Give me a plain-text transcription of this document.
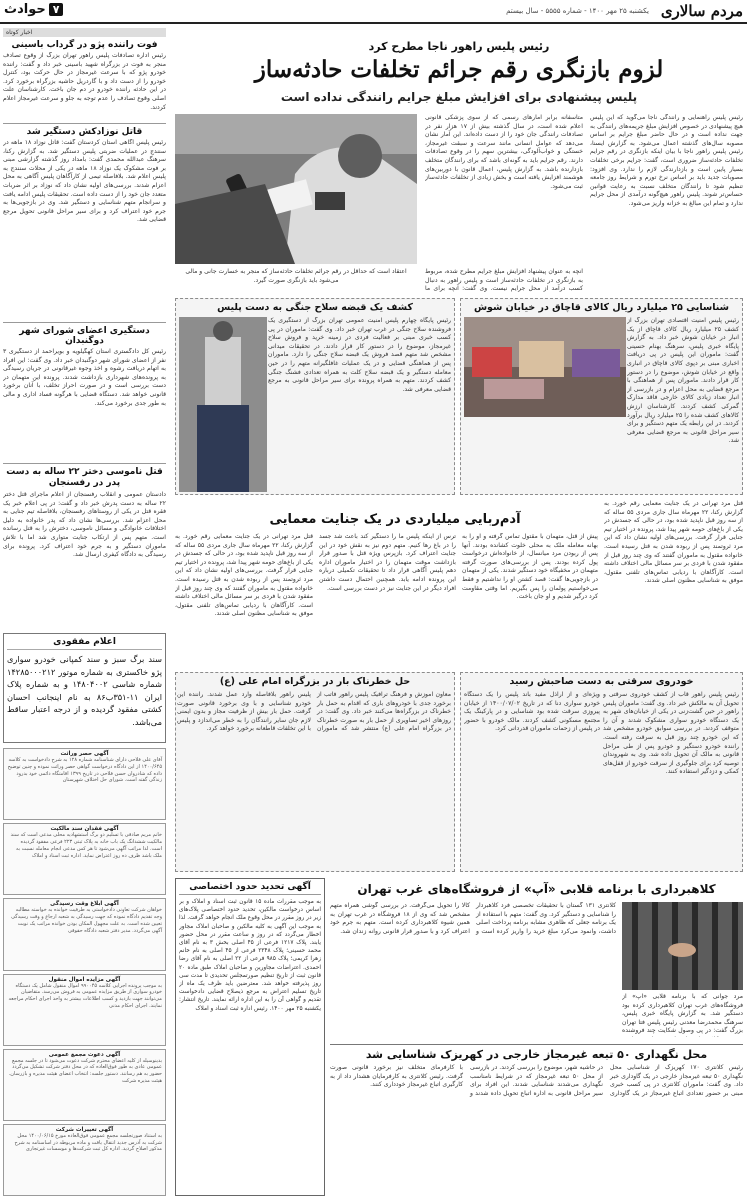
مردم سالاری
یکشنبه ۲۵ مهر ۱۴۰۰ - شماره ۵۵۵۵ - سال بیستم
۷
حوادث
اخبار کوتاه
فوت راننده پژو در گرداب باسینی
رئیس اداره تصادفات پلیس راهور تهران بزرگ از وقوع تصادف منجر به فوت در بزرگراه شهید باسینی خبر داد و گفت: راننده خودرو پژو که با سرعت غیرمجاز در حال حرکت بود، کنترل خودرو را از دست داد و با گاردریل حاشیه بزرگراه برخورد کرد. در این حادثه راننده خودرو در دم جان باخت. کارشناسان علت اصلی وقوع تصادف را عدم توجه به جلو و سرعت غیرمجاز اعلام کردند.
قاتل نوزادکش دستگیر شد
رئیس پلیس آگاهی استان کردستان گفت: قاتل نوزاد ۱۸ ماهه در سنندج در عملیات ضربتی پلیس دستگیر شد. به گزارش رکنا، سرهنگ عبدالله محمدی گفت: بامداد روز گذشته گزارشی مبنی بر فوت مشکوک یک نوزاد ۱۸ ماهه در یکی از محلات سنندج به پلیس اعلام شد. بلافاصله تیمی از کارآگاهان پلیس آگاهی به محل اعزام شدند. بررسی‌های اولیه نشان داد که نوزاد بر اثر ضربات متعدد جان خود را از دست داده است. تحقیقات پلیس ادامه یافت و سرانجام متهم شناسایی و دستگیر شد. وی در بازجویی‌ها به جرم خود اعتراف کرد و برای سیر مراحل قانونی تحویل مرجع قضایی شد.
دستگیری اعضای شورای شهر دوگنبدان
رئیس کل دادگستری استان کهگیلویه و بویراحمد از دستگیری ۳ نفر از اعضای شورای شهر دوگنبدان خبر داد. وی گفت: این افراد به اتهام دریافت رشوه و اخذ وجوه غیرقانونی در جریان رسیدگی به پرونده‌های شهرداری بازداشت شدند. پرونده این متهمان در دست بررسی است و در صورت احراز تخلف، با آنان برخورد قانونی خواهد شد. دستگاه قضایی با هرگونه فساد اداری و مالی به طور جدی برخورد می‌کند.
قتل ناموسی دختر ۲۲ ساله به دست پدر در رفسنجان
دادستان عمومی و انقلاب رفسنجان از اعلام ماجرای قتل دختر ۲۲ ساله به دست پدرش خبر داد و گفت: در پی اعلام خبر یک فقره قتل در یکی از روستاهای رفسنجان، بلافاصله تیم جنایی به محل اعزام شد. بررسی‌ها نشان داد که پدر خانواده به دلیل اختلافات خانوادگی و مسائل ناموسی، دخترش را به قتل رسانده است. متهم پس از ارتکاب جنایت متواری شد اما با تلاش ماموران دستگیر و به جرم خود اعتراف کرد. پرونده برای رسیدگی به دادگاه کیفری ارسال شد.
اعلام مفقودی
سند برگ سبز و سند کمپانی خودرو سواری پژو خاکستری به شماره موتور ۱۴۲۸۵۰۰۰۲۱۲ شماره شاسی ۱۴۸۰۴۰۰۲ و به شماره پلاک ایران ۱۱-۳۵۱ب۸۶ به نام اینجانب احسان کشتی مفقود گردیده و از درجه اعتبار ساقط می‌باشد.
آگهی حصر وراثت
آقای علی فلاحی دارای شناسنامه شماره ۱۲۸ به شرح دادخواست به کلاسه ۱۴۰۰/۶۴۵ از این دادگاه درخواست گواهی حصر وراثت نموده و چنین توضیح داده که شادروان حسن فلاحی در تاریخ ۱۳۹۹ اقامتگاه دائمی خود بدرود زندگی گفته است. شورای حل اختلاف شهرستان
آگهی فقدان سند مالکیت
خانم مریم صادقی با تسلیم دو برگ استشهادیه محلی مدعی است که سند مالکیت ششدانگ یک باب خانه به پلاک ثبتی ۲۲۳ فرعی مفقود گردیده است. لذا مراتب آگهی می‌شود تا هر کس مدعی انجام معامله نسبت به ملک باشد ظرف ده روز اعتراض نماید. اداره ثبت اسناد و املاک
آگهی ابلاغ وقت رسیدگی
خواهان شرکت تعاونی دادخواستی به طرفیت خوانده به خواسته مطالبه وجه تقدیم دادگاه نموده که جهت رسیدگی به شعبه ارجاع و وقت رسیدگی تعیین شده است. به علت مجهول المکان بودن خوانده مراتب یک نوبت آگهی می‌گردد. مدیر دفتر شعبه دادگاه حقوقی
آگهی مزایده اموال منقول
به موجب پرونده اجرایی کلاسه ۹۹۰۰۴۵ اموال منقول شامل یک دستگاه خودرو سواری از طریق مزایده عمومی به فروش می‌رسد. متقاضیان می‌توانند جهت بازدید و کسب اطلاعات بیشتر به واحد اجرای احکام مراجعه نمایند. اجرای احکام مدنی
آگهی دعوت مجمع عمومی
بدینوسیله از کلیه اعضای محترم شرکت دعوت می‌شود تا در جلسه مجمع عمومی عادی به طور فوق‌العاده که در محل دفتر شرکت تشکیل می‌گردد حضور به هم رسانند. دستور جلسه: انتخاب اعضای هیئت مدیره و بازرسان. هیئت مدیره شرکت
آگهی تغییرات شرکت
به استناد صورتجلسه مجمع عمومی فوق‌العاده مورخ ۱۴۰۰/۰۶/۱۵ محل شرکت به آدرس جدید انتقال یافت و ماده مربوطه در اساسنامه به شرح مذکور اصلاح گردید. اداره کل ثبت شرکت‌ها و موسسات غیرتجاری
رئیس پلیس راهور ناجا مطرح کرد
لزوم بازنگری رقم جرائم تخلفات حادثه‌ساز
پلیس پیشنهادی برای افزایش مبلغ جرایم رانندگی نداده است
رئیس پلیس راهنمایی و رانندگی ناجا می‌گوید که این پلیس هیچ پیشنهادی در خصوص افزایش مبلغ جریمه‌های رانندگی به جهت نداده است و در حال حاضر مبلغ جرایم بر اساس مصوبه سال‌های گذشته اعمال می‌شود. به گزارش ایسنا، رئیس پلیس راهور ناجا با بیان اینکه بازنگری در رقم جرایم تخلفات حادثه‌ساز ضروری است، گفت: جرایم برخی تخلفات بسیار پایین است و بازدارندگی لازم را ندارد. وی افزود: مصوبات جدید باید بر اساس نرخ تورم و شرایط روز جامعه تنظیم شود تا رانندگان متخلف نسبت به رعایت قوانین حساس‌تر شوند. پلیس راهور هیچ‌گونه درآمدی از محل جرایم ندارد و تمام این مبالغ به خزانه واریز می‌شود.
متاسفانه برابر آمارهای رسمی که از سوی پزشکی قانونی اعلام شده است، در سال گذشته بیش از ۱۷ هزار نفر در تصادفات رانندگی جان خود را از دست داده‌اند. این آمار نشان می‌دهد که عوامل انسانی مانند سرعت و سبقت غیرمجاز، خستگی و خواب‌آلودگی، بیشترین سهم را در وقوع تصادفات دارند. رقم جرایم باید به گونه‌ای باشد که برای رانندگان متخلف بازدارنده باشد. به گزارش پلیس، اعمال قانون با دوربین‌های هوشمند افزایش یافته است و بخش زیادی از تخلفات حادثه‌ساز ثبت می‌شود.
اعتقاد است که حداقل در رقم جرائم تخلفات حادثه‌ساز که منجر به خسارت جانی و مالی می‌شود باید بازنگری صورت گیرد.
آنچه به عنوان پیشنهاد افزایش مبلغ جرایم مطرح شده، مربوط به بازنگری در تخلفات حادثه‌ساز است و پلیس راهور به دنبال کسب درآمد از محل جرایم نیست. وی گفت: آنچه برای ما
شناسایی ۲۵ میلیارد ریال کالای قاچاق در خیابان شوش
رئیس پلیس امنیت اقتصادی تهران بزرگ از کشف ۲۵ میلیارد ریال کالای قاچاق از یک انبار در خیابان شوش خبر داد. به گزارش پایگاه خبری پلیس، سرهنگ بهنام حسینی گفت: ماموران این پلیس در پی دریافت اخباری مبنی بر دپوی کالای قاچاق در انباری واقع در خیابان شوش، موضوع را در دستور کار قرار دادند. ماموران پس از هماهنگی با مرجع قضایی به محل اعزام و در بازرسی از انبار تعداد زیادی کالای خارجی فاقد مدارک گمرکی کشف کردند. کارشناسان ارزش کالاهای کشف شده را ۲۵ میلیارد ریال برآورد کردند. در این رابطه یک متهم دستگیر و برای سیر مراحل قانونی به مرجع قضایی معرفی شد.
کشف یک قبضه سلاح جنگی به دست پلیس
رئیس پایگاه چهارم پلیس امنیت عمومی تهران بزرگ از دستگیری یک فروشنده سلاح جنگی در غرب تهران خبر داد. وی گفت: ماموران در پی کسب خبری مبنی بر فعالیت فردی در زمینه خرید و فروش سلاح غیرمجاز، موضوع را در دستور کار قرار دادند. در تحقیقات میدانی مشخص شد متهم قصد فروش یک قبضه سلاح جنگی را دارد. ماموران پس از هماهنگی قضایی و در یک عملیات غافلگیرانه متهم را در حین معامله دستگیر و یک قبضه سلاح کلت به همراه تعدادی فشنگ جنگی کشف کردند. متهم به همراه پرونده برای سیر مراحل قانونی به مرجع قضایی معرفی شد.
آدم‌ربایی میلیاردی در یک جنایت معمایی
قتل مرد تهرانی در یک جنایت معمایی رقم خورد. به گزارش رکنا، ۲۲ مهرماه سال جاری مردی ۵۵ ساله که از سه روز قبل ناپدید شده بود، در حالی که جسدش در یکی از باغ‌های حومه شهر پیدا شد، پرونده در اختیار تیم جنایی قرار گرفت. بررسی‌های اولیه نشان داد که این مرد ثروتمند پس از ربوده شدن به قتل رسیده است. خانواده مقتول به ماموران گفتند که وی چند روز قبل از مفقود شدن با فردی بر سر مسائل مالی اختلاف داشته است. کارآگاهان با ردیابی تماس‌های تلفنی مقتول، موفق به شناسایی مظنون اصلی شدند.
پیش از قتل، متهمان با مقتول تماس گرفته و او را به بهانه معامله ملک به محلی خلوت کشانده بودند. آنها پس از ربودن مرد میانسال، از خانواده‌اش درخواست پول کرده بودند. پس از بررسی‌های صورت گرفته متهمان در مخفیگاه خود دستگیر شدند. یکی از متهمان در بازجویی‌ها گفت: قصد کشتن او را نداشتیم و فقط می‌خواستیم پولمان را پس بگیریم. اما وقتی مقاومت کرد درگیر شدیم و او جان باخت.
ترس از اینکه پلیس ما را دستگیر کند باعث شد جسد را در باغ رها کنیم. متهم دوم نیز به نقش خود در این جنایت اعتراف کرد. بازپرس ویژه قتل با صدور قرار بازداشت موقت متهمان را در اختیار ماموران اداره دهم پلیس آگاهی قرار داد تا تحقیقات تکمیلی درباره این پرونده ادامه یابد. همچنین احتمال دست داشتن افراد دیگر در این جنایت نیز در دست بررسی است.
قتل مرد تهرانی در یک جنایت معمایی رقم خورد. به گزارش رکنا، ۲۲ مهرماه سال جاری مردی ۵۵ ساله که از سه روز قبل ناپدید شده بود، در حالی که جسدش در یکی از باغ‌های حومه شهر پیدا شد، پرونده در اختیار تیم جنایی قرار گرفت. بررسی‌های اولیه نشان داد که این مرد ثروتمند پس از ربوده شدن به قتل رسیده است. خانواده مقتول به ماموران گفتند که وی چند روز قبل از مفقود شدن با فردی بر سر مسائل مالی اختلاف داشته است. کارآگاهان با ردیابی تماس‌های تلفنی مقتول، موفق به شناسایی مظنون اصلی شدند.
خودروی سرقتی به دست صاحبش رسید
رئیس پلیس راهور قاب از کشف خودروی سرقتی و تحویل آن به مالکش خبر داد. وی گفت: ماموران پلیس راهور در حین گشت‌زنی در یکی از خیابان‌های شهر به یک دستگاه خودرو سواری مشکوک شدند و آن را متوقف کردند. در بررسی سوابق خودرو مشخص شد که این خودرو چند روز قبل به سرقت رفته است. راننده خودرو دستگیر و خودرو پس از طی مراحل قانونی به مالک آن تحویل داده شد. وی به شهروندان توصیه کرد برای جلوگیری از سرقت خودرو از قفل‌های کمکی و دزدگیر استفاده کنند.
ویژه‌ای و از اراذل مفید باند پلیس را یک دستگاه خودرو سواری دنا که در تاریخ ۱۴۰۰/۰۷/۰۲ از خیابان پیروزی سرقت شده بود شناسایی و در پارکینگ یک مجتمع مسکونی کشف کردند. مالک خودرو با حضور در پلیس از زحمات ماموران قدردانی کرد.
حل خطرناک بار در بزرگراه امام علی (ع)
معاون آموزش و فرهنگ ترافیک پلیس راهور فاتب از برخورد جدی با خودروهای باری که اقدام به حمل بار خطرناک در بزرگراه‌ها می‌کنند خبر داد. وی گفت: در روزهای اخیر تصاویری از حمل بار به صورت خطرناک در بزرگراه امام علی (ع) منتشر شد که ماموران پلیس راهور بلافاصله وارد عمل شدند. راننده این خودرو شناسایی و با وی برخورد قانونی صورت گرفت. حمل بار بیش از ظرفیت مجاز و بدون ایمنی لازم جان سایر رانندگان را به خطر می‌اندازد و پلیس با این تخلفات قاطعانه برخورد خواهد کرد.
آگهی تحدید حدود اختصاصی
به موجب مقررات ماده ۱۵ قانون ثبت اسناد و املاک و بر اساس درخواست مالکین، تحدید حدود اختصاصی پلاک‌های زیر در روز مقرر در محل وقوع ملک انجام خواهد گرفت. لذا به موجب این آگهی به کلیه مالکین و صاحبان املاک مجاور اخطار می‌گردد که در روز و ساعت مقرر در محل حضور یابند. پلاک ۱۲۱۷ فرعی از ۴۵ اصلی بخش ۳ به نام آقای محمد حسینی؛ پلاک ۲۳۴۸ فرعی از ۴۵ اصلی به نام خانم زهرا کریمی؛ پلاک ۹۸۵ فرعی از ۲۲ اصلی به نام آقای رضا احمدی. اعتراضات مجاورین و صاحبان املاک طبق ماده ۲۰ قانون ثبت از تاریخ تنظیم صورتمجلس تحدیدی تا مدت سی روز پذیرفته خواهد شد. معترضین باید ظرف یک ماه از تاریخ تسلیم اعتراض به مرجع ذیصلاح قضایی دادخواست تقدیم و گواهی آن را به این اداره ارائه نمایند. تاریخ انتشار: یکشنبه ۲۵ مهر ۱۴۰۰. رئیس اداره ثبت اسناد و املاک
کلاهبرداری با برنامه قلابی «آپ» از فروشگاه‌های غرب تهران
مرد جوانی که با برنامه قلابی «آپ» از فروشگاه‌های غرب تهران کلاهبرداری کرده بود دستگیر شد. به گزارش پایگاه خبری پلیس، سرهنگ محمدرضا معدنی رئیس پلیس فتا تهران بزرگ گفت: در پی وصول شکایت چند فروشنده
کلانتری ۱۳۱ گستان با تحقیقات تخصصی فرد کلاهبردار را شناسایی و دستگیر کرد. وی گفت: متهم با استفاده از یک برنامه جعلی که ظاهری مشابه برنامه پرداخت اصلی داشت، وانمود می‌کرد مبلغ خرید را واریز کرده است و کالا را تحویل می‌گرفت. در بررسی گوشی همراه متهم مشخص شد که وی از ۱۸ فروشگاه در غرب تهران به همین شیوه کلاهبرداری کرده است. متهم به جرم خود اعتراف کرد و با صدور قرار قانونی روانه زندان شد.
محل نگهداری ۵۰ تبعه غیرمجاز خارجی در کهریزک شناسایی شد
رئیس کلانتری ۱۷۰ کهریزک از شناسایی محل نگهداری ۵۰ تبعه غیرمجاز خارجی در یک گاوداری خبر داد. وی گفت: ماموران کلانتری در پی کسب خبری مبنی بر حضور تعدادی اتباع غیرمجاز در یک گاوداری در حاشیه شهر، موضوع را بررسی کردند. در بازرسی از محل ۵۰ تبعه غیرمجاز که در شرایط نامناسب نگهداری می‌شدند شناسایی شدند. این افراد برای سیر مراحل قانونی به اداره اتباع تحویل داده شدند و با کارفرمای متخلف نیز برخورد قانونی صورت گرفت. رئیس کلانتری به کارفرمایان هشدار داد از به کارگیری اتباع غیرمجاز خودداری کنند.
